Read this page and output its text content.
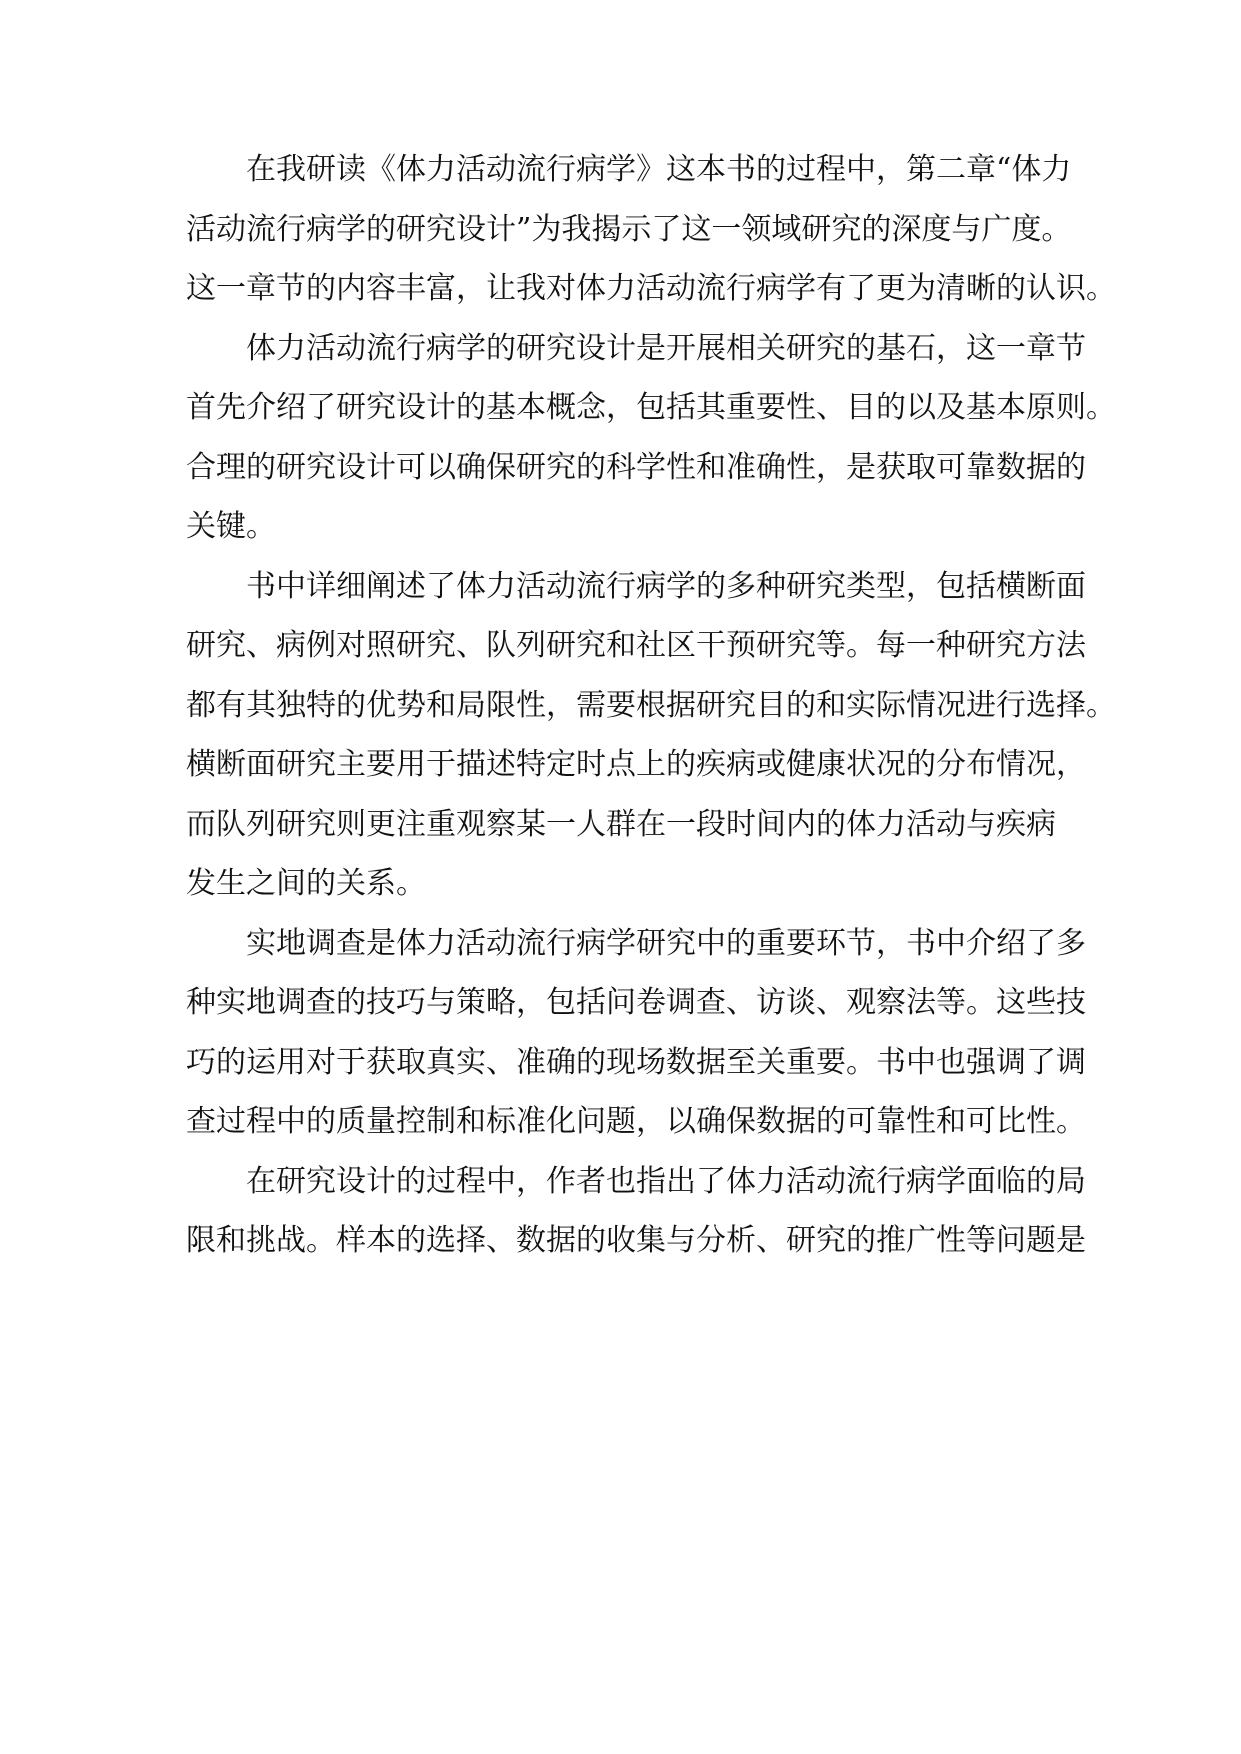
在我研读《体力活动流行病学》这本书的过程中，第二章“体力
活动流行病学的研究设计”为我揭示了这一领域研究的深度与广度。
这一章节的内容丰富，让我对体力活动流行病学有了更为清晰的认识。
体力活动流行病学的研究设计是开展相关研究的基石，这一章节
首先介绍了研究设计的基本概念，包括其重要性、目的以及基本原则。
合理的研究设计可以确保研究的科学性和准确性，是获取可靠数据的
关键。
书中详细阐述了体力活动流行病学的多种研究类型，包括横断面
研究、病例对照研究、队列研究和社区干预研究等。每一种研究方法
都有其独特的优势和局限性，需要根据研究目的和实际情况进行选择。
横断面研究主要用于描述特定时点上的疾病或健康状况的分布情况，
而队列研究则更注重观察某一人群在一段时间内的体力活动与疾病
发生之间的关系。
实地调查是体力活动流行病学研究中的重要环节，书中介绍了多
种实地调查的技巧与策略，包括问卷调查、访谈、观察法等。这些技
巧的运用对于获取真实、准确的现场数据至关重要。书中也强调了调
查过程中的质量控制和标准化问题，以确保数据的可靠性和可比性。
在研究设计的过程中，作者也指出了体力活动流行病学面临的局
限和挑战。样本的选择、数据的收集与分析、研究的推广性等问题是
